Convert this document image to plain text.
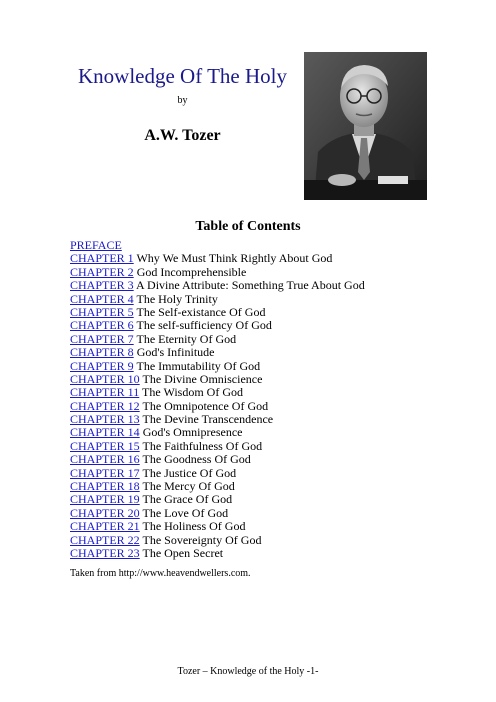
Knowledge Of The Holy
by
A.W. Tozer
Table of Contents
PREFACE
CHAPTER 1 Why We Must Think Rightly About God
CHAPTER 2 God Incomprehensible
CHAPTER 3 A Divine Attribute: Something True About God
CHAPTER 4 The Holy Trinity
CHAPTER 5 The Self-existance Of God
CHAPTER 6 The self-sufficiency Of God
CHAPTER 7 The Eternity Of God
CHAPTER 8 God's Infinitude
CHAPTER 9 The Immutability Of God
CHAPTER 10 The Divine Omniscience
CHAPTER 11 The Wisdom Of God
CHAPTER 12 The Omnipotence Of God
CHAPTER 13 The Devine Transcendence
CHAPTER 14 God's Omnipresence
CHAPTER 15 The Faithfulness Of God
CHAPTER 16 The Goodness Of God
CHAPTER 17 The Justice Of God
CHAPTER 18 The Mercy Of God
CHAPTER 19 The Grace Of God
CHAPTER 20 The Love Of God
CHAPTER 21 The Holiness Of God
CHAPTER 22 The Sovereignty Of God
CHAPTER 23 The Open Secret
Taken from http://www.heavendwellers.com.
Tozer – Knowledge of the Holy -1-
